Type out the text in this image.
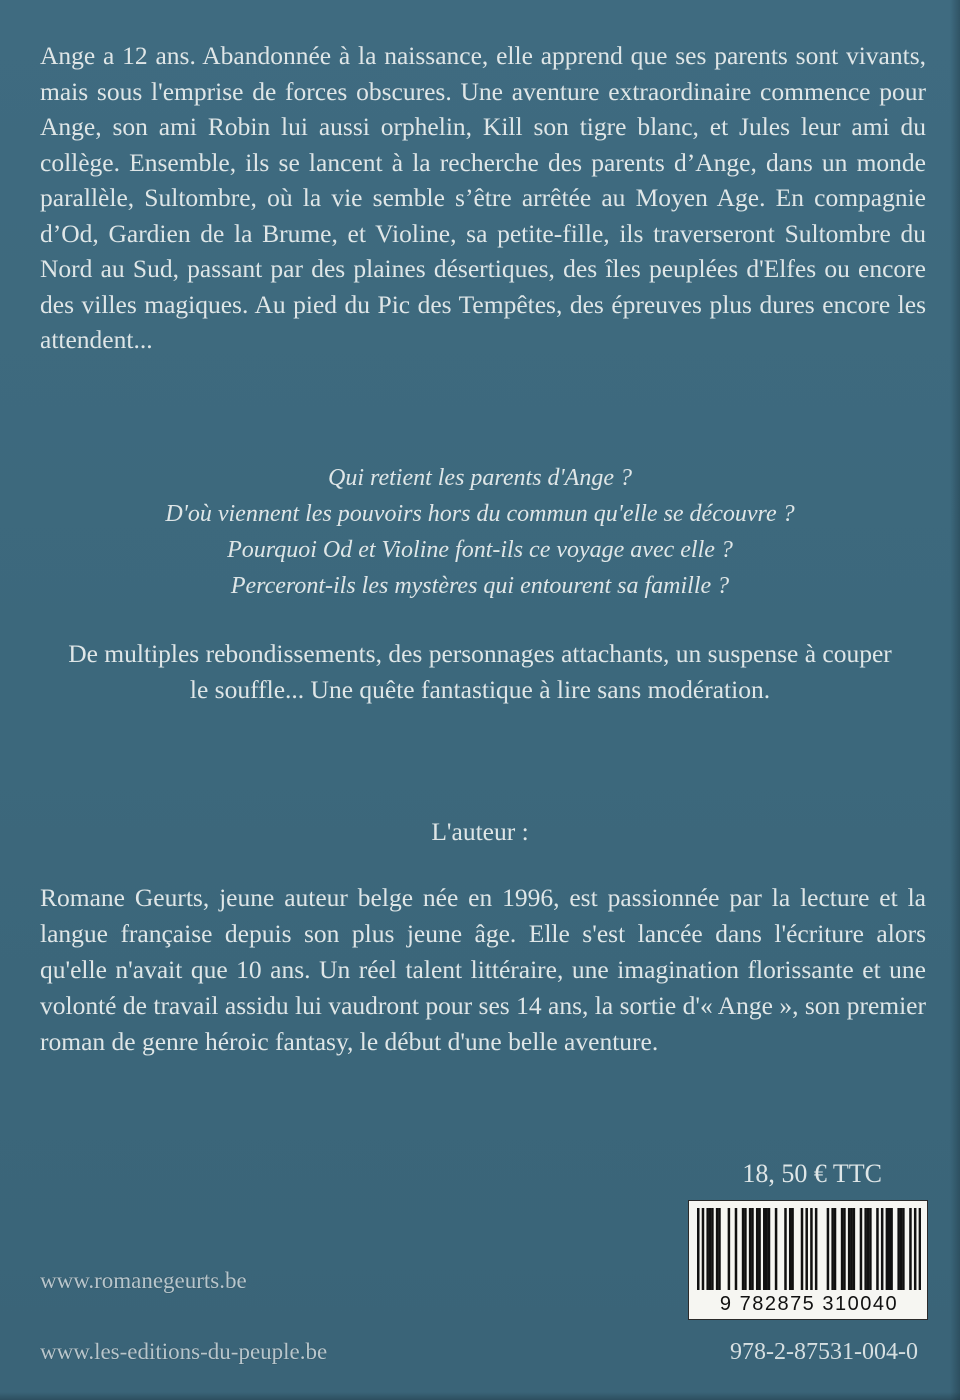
Ange a 12 ans. Abandonnée à la naissance, elle apprend que ses parents sont vivants, mais sous l'emprise de forces obscures. Une aventure extraordinaire commence pour Ange, son ami Robin lui aussi orphelin, Kill son tigre blanc, et Jules leur ami du collège. Ensemble, ils se lancent à la recherche des parents d’Ange, dans un monde parallèle, Sultombre, où la vie semble s’être arrêtée au Moyen Age. En compagnie d’Od, Gardien de la Brume, et Violine, sa petite-fille, ils traverseront Sultombre du Nord au Sud, passant par des plaines désertiques, des îles peuplées d'Elfes ou encore des villes magiques. Au pied du Pic des Tempêtes, des épreuves plus dures encore les attendent...

Qui retient les parents d'Ange ?
D'où viennent les pouvoirs hors du commun qu'elle se découvre ?
Pourquoi Od et Violine font-ils ce voyage avec elle ?
Perceront-ils les mystères qui entourent sa famille ?

De multiples rebondissements, des personnages attachants, un suspense à couper le souffle... Une quête fantastique à lire sans modération.

L'auteur :

Romane Geurts, jeune auteur belge née en 1996, est passionnée par la lecture et la langue française depuis son plus jeune âge. Elle s'est lancée dans l'écriture alors qu'elle n'avait que 10 ans. Un réel talent littéraire, une imagination florissante et une volonté de travail assidu lui vaudront pour ses 14 ans, la sortie d'« Ange », son premier roman de genre héroic fantasy, le début d'une belle aventure.

18, 50 € TTC
9 782875 310040
www.romanegeurts.be
www.les-editions-du-peuple.be	978-2-87531-004-0
